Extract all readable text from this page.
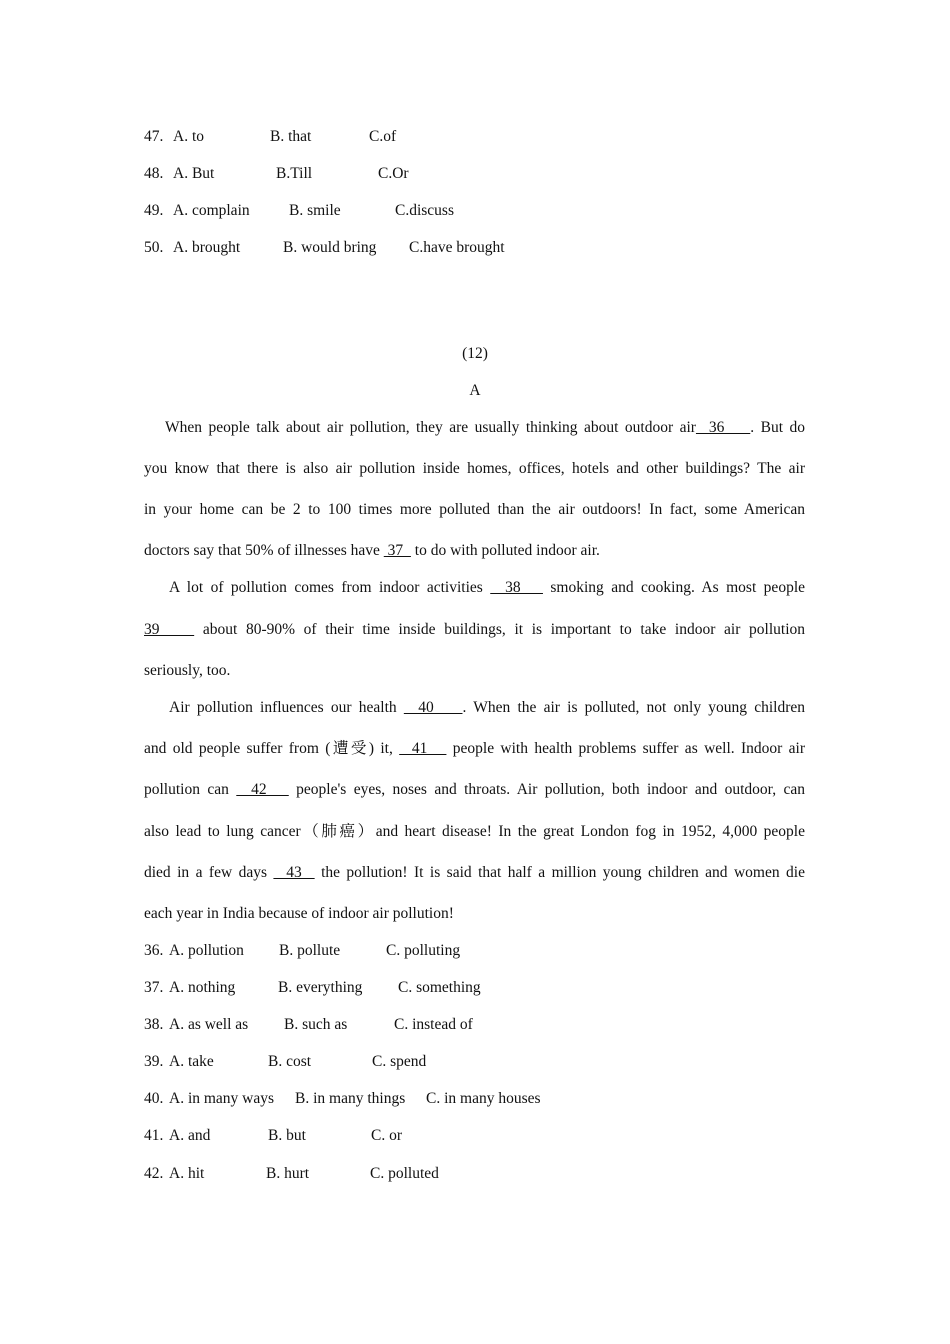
47. A. to	B. that	C.of
48. A. But	B.Till	C.Or
49. A. complain	B. smile	C.discuss
50. A. brought	B. would bring C.have brought
(12)
A
When people talk about air pollution, they are usually thinking about outdoor air  36    . But do
you know that there is also air pollution inside homes, offices, hotels and other buildings? The air
in your home can be 2 to 100 times more polluted than the air outdoors! In fact, some American
doctors say that 50% of illnesses have  37   to do with polluted indoor air.
A lot of pollution comes from indoor activities   38    smoking and cooking. As most people
39     about 80-90% of their time inside buildings, it is important to take indoor air pollution
seriously, too.
Air pollution influences our health   40    . When the air is polluted, not only young children
and old people suffer from (遭受) it,   41    people with health problems suffer as well. Indoor air
pollution can   42    people's eyes, noses and throats. Air pollution, both indoor and outdoor, can
also lead to lung cancer（肺癌）and heart disease! In the great London fog in 1952, 4,000 people
died in a few days   43   the pollution! It is said that half a million young children and women die
each year in India because of indoor air pollution!
36. A. pollution B. pollute	C. polluting
37. A. nothing	B. everything C. something
38. A. as well as B. such as	C. instead of
39. A. take	B. cost	C. spend
40. A. in many ways B. in many things C. in many houses
41. A. and	B. but	C. or
42. A. hit	B. hurt	C. polluted
